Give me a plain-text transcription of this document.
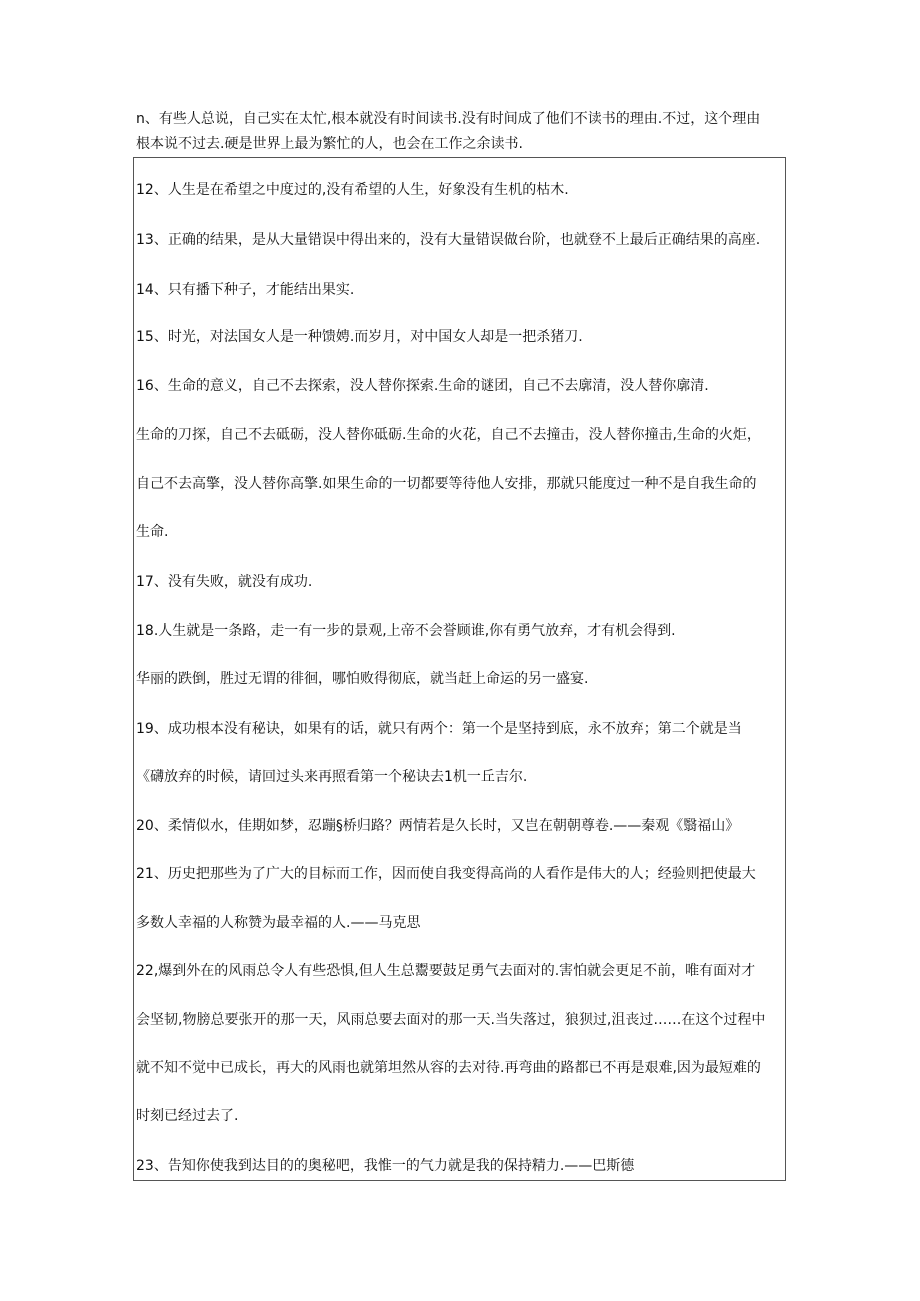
n、有些人总说，自己实在太忙,根本就没有时间读书.没有时间成了他们不读书的理由.不过，这个理由
根本说不过去.硬是世界上最为繁忙的人，也会在工作之余读书.
12、人生是在希望之中度过的,没有希望的人生，好象没有生机的枯木.
13、正确的结果，是从大量错误中得出来的，没有大量错误做台阶，也就登不上最后正确结果的高座.
14、只有播下种子，才能结出果实.
15、时光，对法国女人是一种馈娉.而岁月，对中国女人却是一把杀猪刀.
16、生命的意义，自己不去探索，没人替你探索.生命的谜团，自己不去廓清，没人替你廓清.
生命的刀探，自己不去砥砺，没人替你砥砺.生命的火花，自己不去撞击，没人替你撞击,生命的火炬，
自己不去高擎，没人替你高擎.如果生命的一切都要等待他人安排，那就只能度过一种不是自我生命的
生命.
17、没有失败，就没有成功.
18.人生就是一条路，走一有一步的景观,上帝不会誉顾谁,你有勇气放弃，才有机会得到.
华丽的跌倒，胜过无谓的徘徊，哪怕败得彻底，就当赶上命运的另一盛宴.
19、成功根本没有秘诀，如果有的话，就只有两个：第一个是坚持到底，永不放弃；第二个就是当
《礴放弃的时候，请回过头来再照看第一个秘诀去1机一丘吉尔.
20、柔情似水，佳期如梦，忍蹦§桥归路？两情若是久长时，又岂在朝朝尊卷.——秦观《翳福山》
21、历史把那些为了广大的目标而工作，因而使自我变得高尚的人看作是伟大的人；经验则把使最大
多数人幸福的人称赞为最幸福的人.——马克思
22,爆到外在的风雨总令人有些恐惧,但人生总鬻要鼓足勇气去面对的.害怕就会更足不前，唯有面对才
会坚韧,物膀总要张开的那一天，风雨总要去面对的那一天.当失落过，狼狈过,沮丧过……在这个过程中
就不知不觉中已成长，再大的风雨也就第坦然从容的去对待.再弯曲的路都已不再是艰难,因为最短难的
时刻已经过去了.
23、告知你使我到达目的的奥秘吧，我惟一的气力就是我的保持精力.——巴斯德
